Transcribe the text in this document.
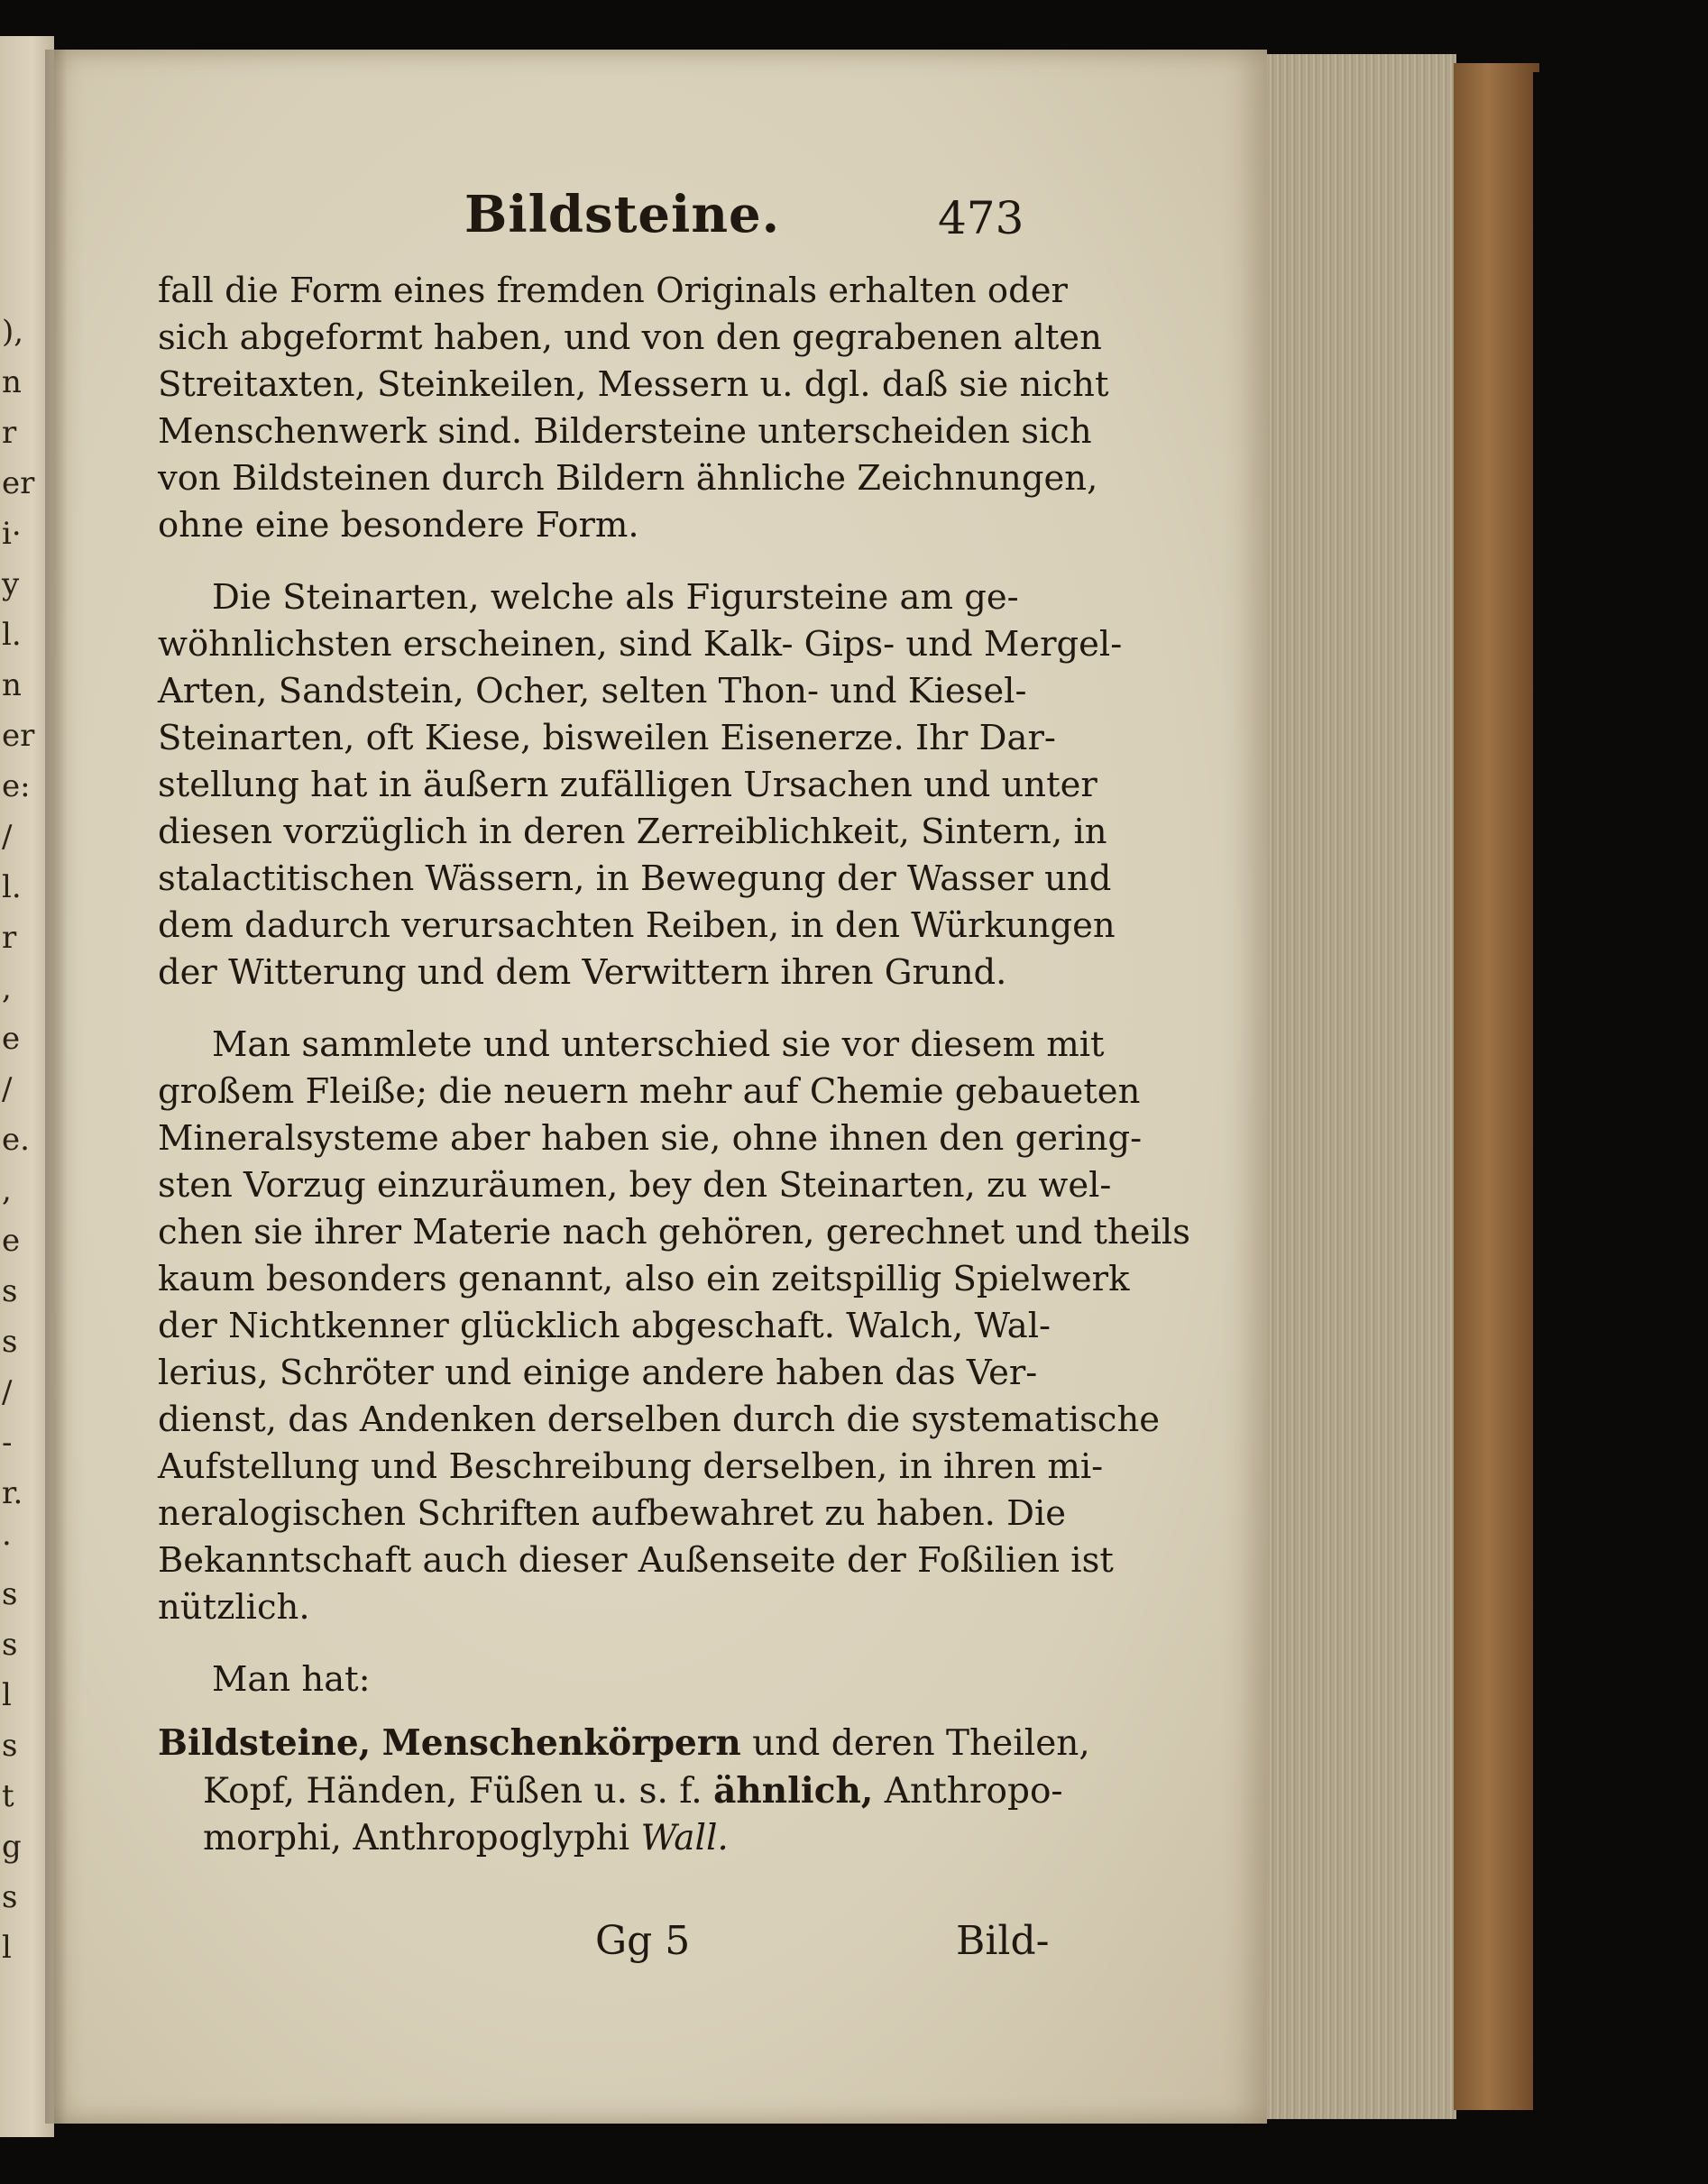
),
n
r
er
i·
y
l.
n
er
e:
/
l.
r
,
e
/
e.
,
e
s
s
/
-
r.
·
s
s
l
s
t
g
s
l
Bildsteine.	473

fall die Form eines fremden Originals erhalten oder
sich abgeformt haben, und von den gegrabenen alten
Streitaxten, Steinkeilen, Messern u. dgl. daß sie nicht
Menschenwerk sind. Bildersteine unterscheiden sich
von Bildsteinen durch Bildern ähnliche Zeichnungen,
ohne eine besondere Form.

Die Steinarten, welche als Figursteine am ge-
wöhnlichsten erscheinen, sind Kalk- Gips- und Mergel-
Arten, Sandstein, Ocher, selten Thon- und Kiesel-
Steinarten, oft Kiese, bisweilen Eisenerze. Ihr Dar-
stellung hat in äußern zufälligen Ursachen und unter
diesen vorzüglich in deren Zerreiblichkeit, Sintern, in
stalactitischen Wässern, in Bewegung der Wasser und
dem dadurch verursachten Reiben, in den Würkungen
der Witterung und dem Verwittern ihren Grund.

Man sammlete und unterschied sie vor diesem mit
großem Fleiße; die neuern mehr auf Chemie gebaueten
Mineralsysteme aber haben sie, ohne ihnen den gering-
sten Vorzug einzuräumen, bey den Steinarten, zu wel-
chen sie ihrer Materie nach gehören, gerechnet und theils
kaum besonders genannt, also ein zeitspillig Spielwerk
der Nichtkenner glücklich abgeschaft. Walch, Wal-
lerius, Schröter und einige andere haben das Ver-
dienst, das Andenken derselben durch die systematische
Aufstellung und Beschreibung derselben, in ihren mi-
neralogischen Schriften aufbewahret zu haben. Die
Bekanntschaft auch dieser Außenseite der Foßilien ist
nützlich.

Man hat:

Bildsteine, Menschenkörpern und deren Theilen,
Kopf, Händen, Füßen u. s. f. ähnlich, Anthropo-
morphi, Anthropoglyphi Wall.
Gg 5	Bild-
